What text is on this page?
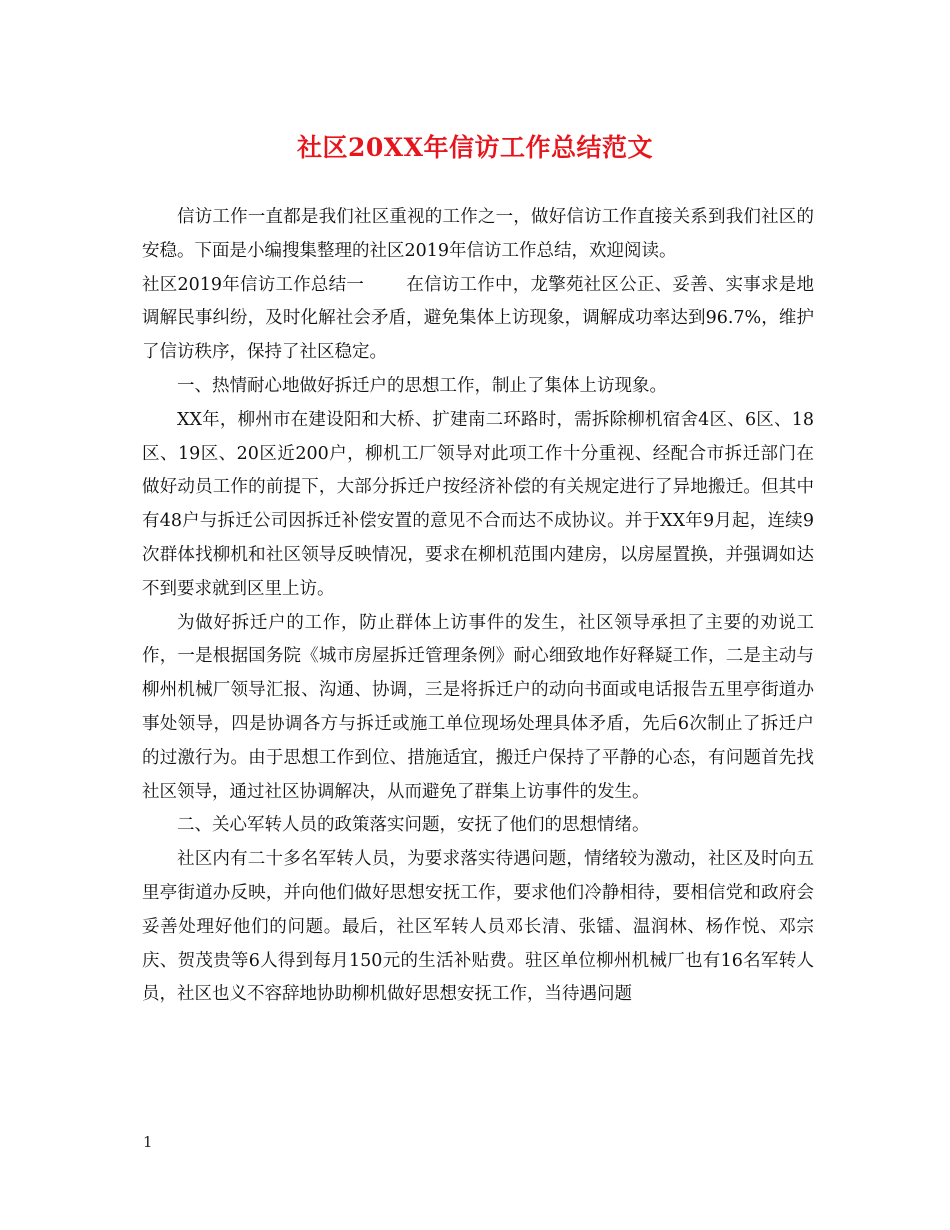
社区20XX年信访工作总结范文

信访工作一直都是我们社区重视的工作之一，做好信访工作直接关系到我们社区的安稳。下面是小编搜集整理的社区2019年信访工作总结，欢迎阅读。

社区2019年信访工作总结一 在信访工作中，龙擎苑社区公正、妥善、实事求是地调解民事纠纷，及时化解社会矛盾，避免集体上访现象，调解成功率达到96.7%，维护了信访秩序，保持了社区稳定。

一、热情耐心地做好拆迁户的思想工作，制止了集体上访现象。

XX年，柳州市在建设阳和大桥、扩建南二环路时，需拆除柳机宿舍4区、6区、18区、19区、20区近200户，柳机工厂领导对此项工作十分重视、经配合市拆迁部门在做好动员工作的前提下，大部分拆迁户按经济补偿的有关规定进行了异地搬迁。但其中有48户与拆迁公司因拆迁补偿安置的意见不合而达不成协议。并于XX年9月起，连续9次群体找柳机和社区领导反映情况，要求在柳机范围内建房，以房屋置换，并强调如达不到要求就到区里上访。

为做好拆迁户的工作，防止群体上访事件的发生，社区领导承担了主要的劝说工作，一是根据国务院《城市房屋拆迁管理条例》耐心细致地作好释疑工作，二是主动与柳州机械厂领导汇报、沟通、协调，三是将拆迁户的动向书面或电话报告五里亭街道办事处领导，四是协调各方与拆迁或施工单位现场处理具体矛盾，先后6次制止了拆迁户的过激行为。由于思想工作到位、措施适宜，搬迁户保持了平静的心态，有问题首先找社区领导，通过社区协调解决，从而避免了群集上访事件的发生。

二、关心军转人员的政策落实问题，安抚了他们的思想情绪。

社区内有二十多名军转人员，为要求落实待遇问题，情绪较为激动，社区及时向五里亭街道办反映，并向他们做好思想安抚工作，要求他们冷静相待，要相信党和政府会妥善处理好他们的问题。最后，社区军转人员邓长清、张镭、温润林、杨作悦、邓宗庆、贺茂贵等6人得到每月150元的生活补贴费。驻区单位柳州机械厂也有16名军转人员，社区也义不容辞地协助柳机做好思想安抚工作，当待遇问题

1
